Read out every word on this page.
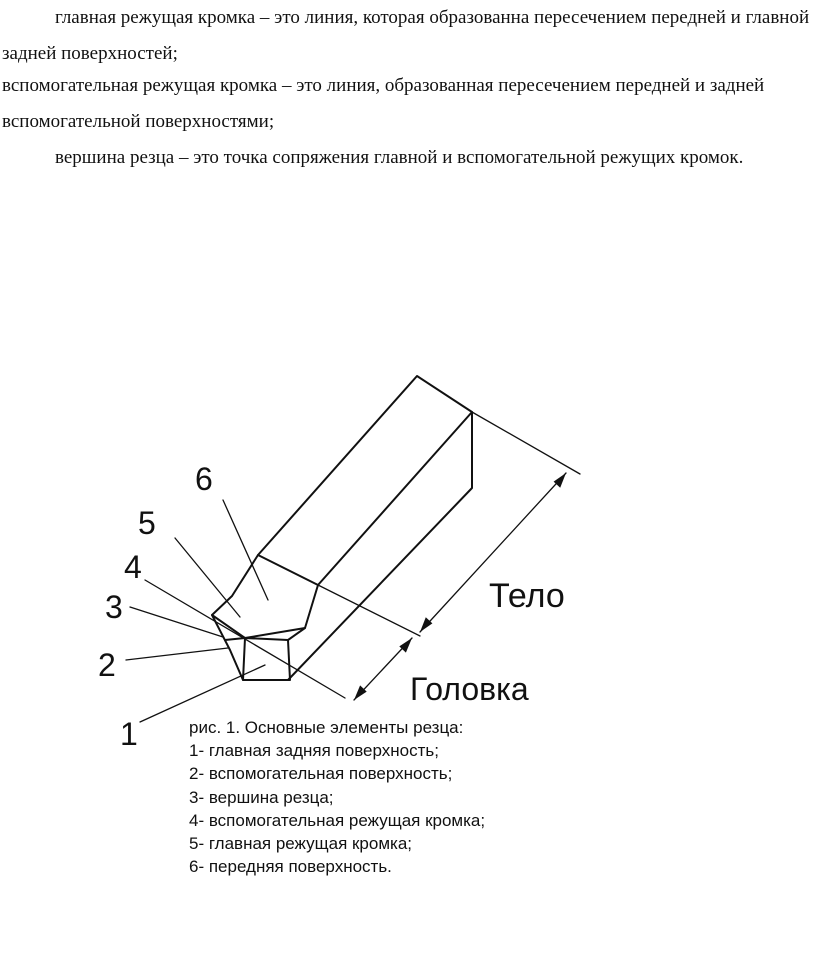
главная режущая кромка – это линия, которая образованна пересечением передней и главной задней поверхностей;

вспомогательная режущая кромка – это линия, образованная пересечением передней и задней вспомогательной поверхностями;

вершина резца – это точка сопряжения главной и вспомогательной режущих кромок.

6
5
4
3
2
1
Тело
Головка
рис. 1. Основные элементы резца:
1- главная задняя поверхность;
2- вспомогательная поверхность;
3- вершина резца;
4- вспомогательная режущая кромка;
5- главная режущая кромка;
6- передняя поверхность.
